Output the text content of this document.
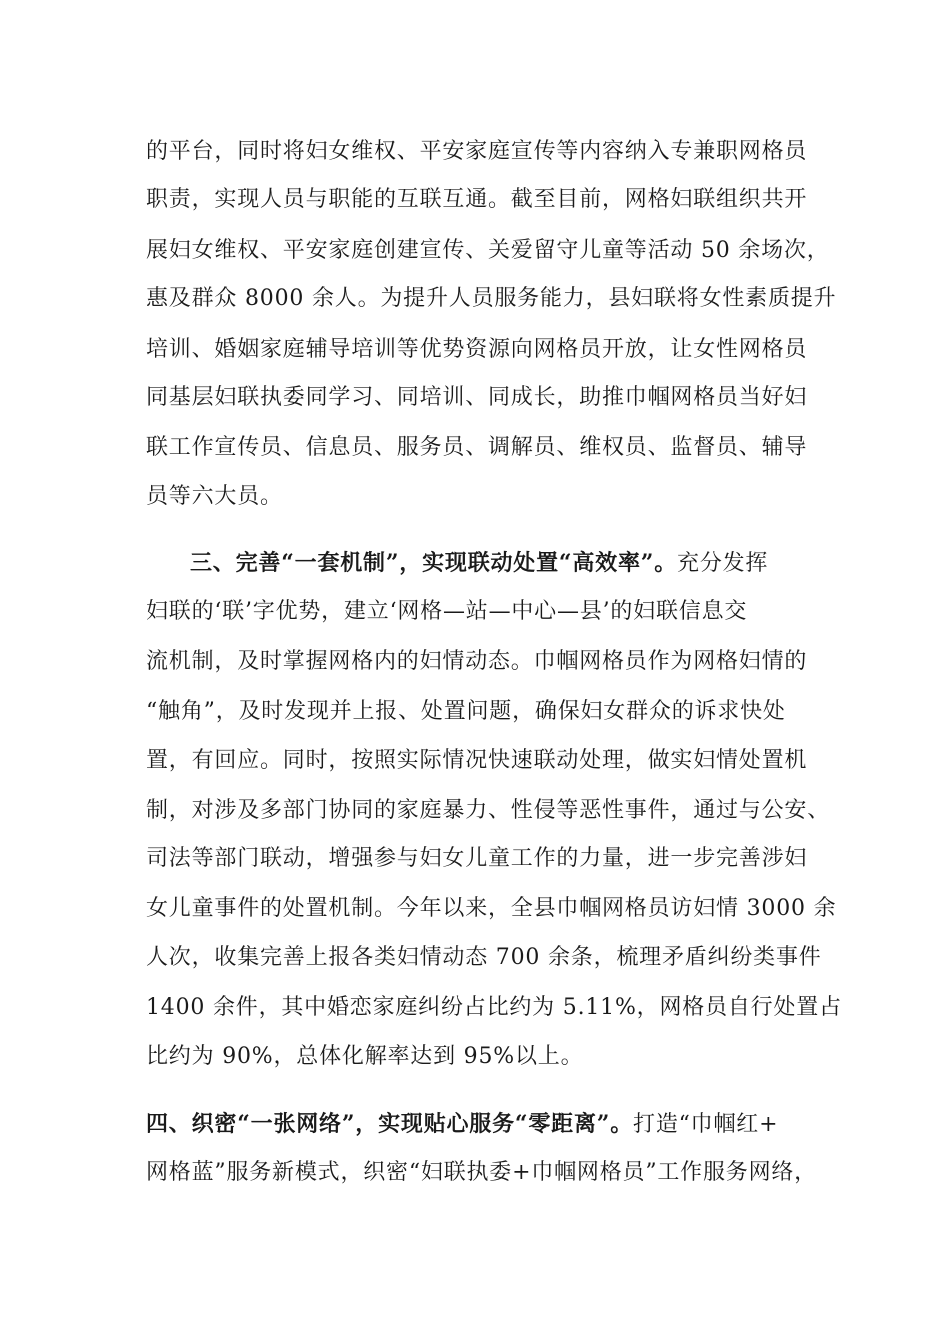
的平台，同时将妇女维权、平安家庭宣传等内容纳入专兼职网格员
职责，实现人员与职能的互联互通。截至目前，网格妇联组织共开
展妇女维权、平安家庭创建宣传、关爱留守儿童等活动 50 余场次，
惠及群众 8000 余人。为提升人员服务能力，县妇联将女性素质提升
培训、婚姻家庭辅导培训等优势资源向网格员开放，让女性网格员
同基层妇联执委同学习、同培训、同成长，助推巾帼网格员当好妇
联工作宣传员、信息员、服务员、调解员、维权员、监督员、辅导
员等六大员。
三、完善“一套机制”，实现联动处置“高效率”。充分发挥
妇联的‘联’字优势，建立‘网格—站—中心—县’的妇联信息交
流机制，及时掌握网格内的妇情动态。巾帼网格员作为网格妇情的
“触角”，及时发现并上报、处置问题，确保妇女群众的诉求快处
置，有回应。同时，按照实际情况快速联动处理，做实妇情处置机
制，对涉及多部门协同的家庭暴力、性侵等恶性事件，通过与公安、
司法等部门联动，增强参与妇女儿童工作的力量，进一步完善涉妇
女儿童事件的处置机制。今年以来，全县巾帼网格员访妇情 3000 余
人次，收集完善上报各类妇情动态 700 余条，梳理矛盾纠纷类事件
1400 余件，其中婚恋家庭纠纷占比约为 5.11%，网格员自行处置占
比约为 90%，总体化解率达到 95%以上。
四、织密“一张网络”，实现贴心服务“零距离”。打造“巾帼红+
网格蓝”服务新模式，织密“妇联执委+巾帼网格员”工作服务网络，
